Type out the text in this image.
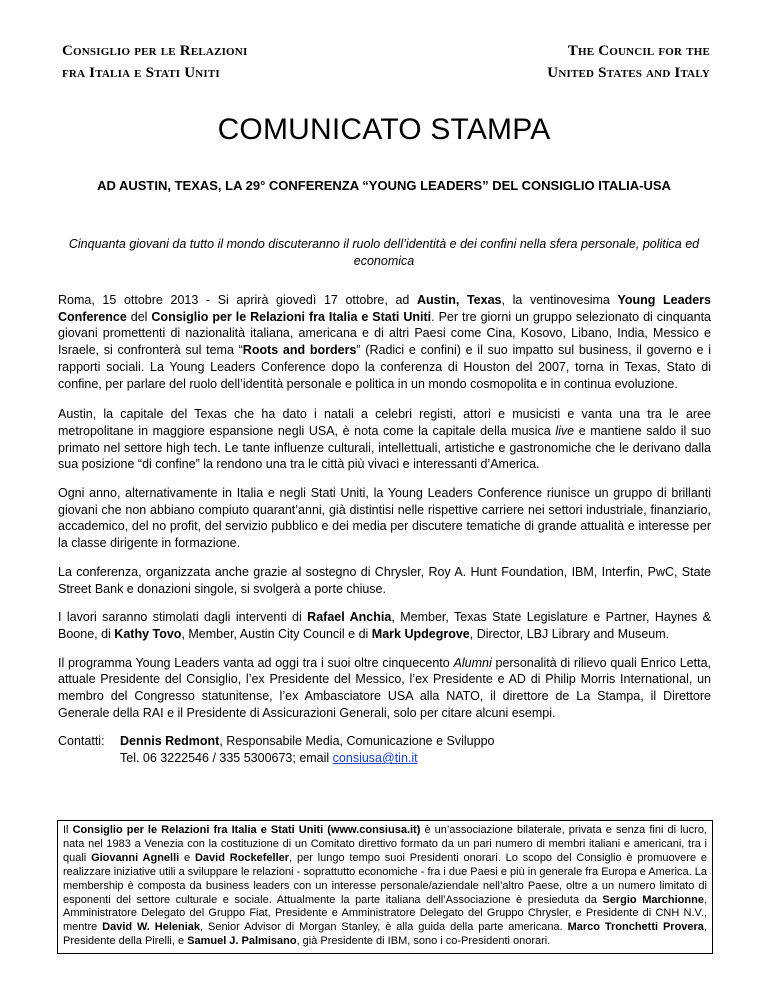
Consiglio per le Relazioni
fra Italia e Stati Uniti
The Council for the
United States and Italy
COMUNICATO STAMPA
AD AUSTIN, TEXAS, LA 29° CONFERENZA “YOUNG LEADERS” DEL CONSIGLIO ITALIA-USA
Cinquanta giovani da tutto il mondo discuteranno il ruolo dell’identità e dei confini nella sfera personale, politica ed economica

Roma, 15 ottobre 2013 - Si aprirà giovedì 17 ottobre, ad Austin, Texas, la ventinovesima Young Leaders Conference del Consiglio per le Relazioni fra Italia e Stati Uniti. Per tre giorni un gruppo selezionato di cinquanta giovani promettenti di nazionalità italiana, americana e di altri Paesi come Cina, Kosovo, Libano, India, Messico e Israele, si confronterà sul tema “Roots and borders” (Radici e confini) e il suo impatto sul business, il governo e i rapporti sociali. La Young Leaders Conference dopo la conferenza di Houston del 2007, torna in Texas, Stato di confine, per parlare del ruolo dell’identità personale e politica in un mondo cosmopolita e in continua evoluzione.

Austin, la capitale del Texas che ha dato i natali a celebri registi, attori e musicisti e vanta una tra le aree metropolitane in maggiore espansione negli USA, è nota come la capitale della musica live e mantiene saldo il suo primato nel settore high tech. Le tante influenze culturali, intellettuali, artistiche e gastronomiche che le derivano dalla sua posizione “di confine” la rendono una tra le città più vivaci e interessanti d’America.

Ogni anno, alternativamente in Italia e negli Stati Uniti, la Young Leaders Conference riunisce un gruppo di brillanti giovani che non abbiano compiuto quarant’anni, già distintisi nelle rispettive carriere nei settori industriale, finanziario, accademico, del no profit, del servizio pubblico e dei media per discutere tematiche di grande attualità e interesse per la classe dirigente in formazione.

La conferenza, organizzata anche grazie al sostegno di Chrysler, Roy A. Hunt Foundation, IBM, Interfin, PwC, State Street Bank e donazioni singole, si svolgerà a porte chiuse.

I lavori saranno stimolati dagli interventi di Rafael Anchia, Member, Texas State Legislature e Partner, Haynes & Boone, di Kathy Tovo, Member, Austin City Council e di Mark Updegrove, Director, LBJ Library and Museum.

Il programma Young Leaders vanta ad oggi tra i suoi oltre cinquecento Alumni personalità di rilievo quali Enrico Letta, attuale Presidente del Consiglio, l’ex Presidente del Messico, l’ex Presidente e AD di Philip Morris International, un membro del Congresso statunitense, l’ex Ambasciatore USA alla NATO, il direttore de La Stampa, il Direttore Generale della RAI e il Presidente di Assicurazioni Generali, solo per citare alcuni esempi.

Contatti:	Dennis Redmont, Responsabile Media, Comunicazione e Sviluppo
Tel. 06 3222546 / 335 5300673; email consiusa@tin.it
Il Consiglio per le Relazioni fra Italia e Stati Uniti (www.consiusa.it) è un’associazione bilaterale, privata e senza fini di lucro, nata nel 1983 a Venezia con la costituzione di un Comitato direttivo formato da un pari numero di membri italiani e americani, tra i quali Giovanni Agnelli e David Rockefeller, per lungo tempo suoi Presidenti onorari. Lo scopo del Consiglio è promuovere e realizzare iniziative utili a sviluppare le relazioni - soprattutto economiche - fra i due Paesi e più in generale fra Europa e America. La membership è composta da business leaders con un interesse personale/aziendale nell’altro Paese, oltre a un numero limitato di esponenti del settore culturale e sociale. Attualmente la parte italiana dell’Associazione è presieduta da Sergio Marchionne, Amministratore Delegato del Gruppo Fiat, Presidente e Amministratore Delegato del Gruppo Chrysler, e Presidente di CNH N.V., mentre David W. Heleniak, Senior Advisor di Morgan Stanley, è alla guida della parte americana. Marco Tronchetti Provera, Presidente della Pirelli, e Samuel J. Palmisano, già Presidente di IBM, sono i co-Presidenti onorari.
